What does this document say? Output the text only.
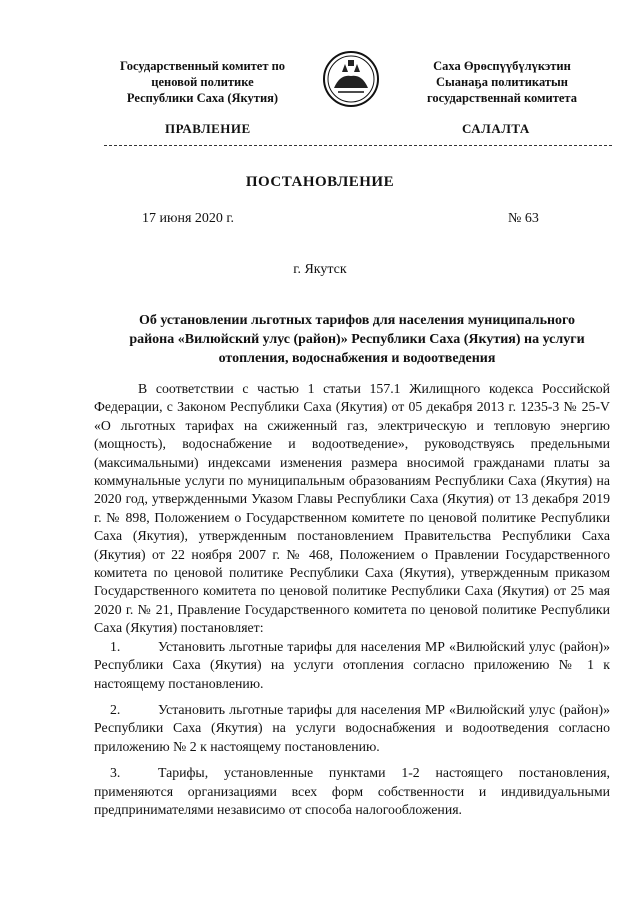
Государственный комитет по
ценовой политике
Республики Саха (Якутия)
Саха Өрөспүүбүлүкэтин
Сыанаҕа политикатын
государственнай комитета
ПРАВЛЕНИЕ	САЛАЛТА
ПОСТАНОВЛЕНИЕ
17 июня 2020 г.	№ 63
г. Якутск
Об установлении льготных тарифов для населения муниципального
района «Вилюйский улус (район)» Республики Саха (Якутия) на услуги
отопления, водоснабжения и водоотведения

В соответствии с частью 1 статьи 157.1 Жилищного кодекса Российской Федерации, с Законом Республики Саха (Якутия) от 05 декабря 2013 г. 1235-3 № 25-V «О льготных тарифах на сжиженный газ, электрическую и тепловую энергию (мощность), водоснабжение и водоотведение», руководствуясь предельными (максимальными) индексами изменения размера вносимой гражданами платы за коммунальные услуги по муниципальным образованиям Республики Саха (Якутия) на 2020 год, утвержденными Указом Главы Республики Саха (Якутия) от 13 декабря 2019 г. № 898, Положением о Государственном комитете по ценовой политике Республики Саха (Якутия), утвержденным постановлением Правительства Республики Саха (Якутия) от 22 ноября 2007 г. № 468, Положением о Правлении Государственного комитета по ценовой политике Республики Саха (Якутия), утвержденным приказом Государственного комитета по ценовой политике Республики Саха (Якутия) от 25 мая 2020 г. № 21, Правление Государственного комитета по ценовой политике Республики Саха (Якутия) постановляет:

1.	Установить льготные тарифы для населения МР «Вилюйский улус (район)» Республики Саха (Якутия) на услуги отопления согласно приложению № 1 к настоящему постановлению.
2.	Установить льготные тарифы для населения МР «Вилюйский улус (район)» Республики Саха (Якутия) на услуги водоснабжения и водоотведения согласно приложению № 2 к настоящему постановлению.
3.	Тарифы, установленные пунктами 1-2 настоящего постановления, применяются организациями всех форм собственности и индивидуальными предпринимателями независимо от способа налогообложения.
